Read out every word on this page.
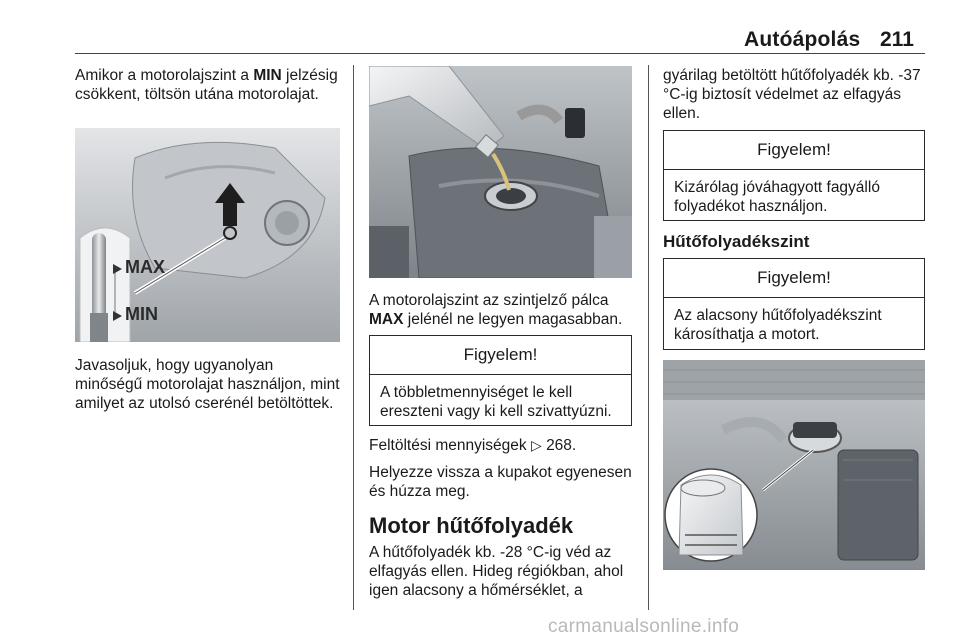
Autóápolás 211

Amikor a motorolajszint a MIN jelzésig csökkent, töltsön utána motorolajat.

MAX
MIN

Javasoljuk, hogy ugyanolyan minőségű motorolajat használjon, mint amilyet az utolsó cserénél betöltöttek.

A motorolajszint az szintjelző pálca MAX jelénél ne legyen magasabban.

Figyelem!
A többletmennyiséget le kell ereszteni vagy ki kell szivattyúzni.

Feltöltési mennyiségek ▷ 268.

Helyezze vissza a kupakot egyenesen és húzza meg.

Motor hűtőfolyadék

A hűtőfolyadék kb. -28 °C-ig véd az elfagyás ellen. Hideg régiókban, ahol igen alacsony a hőmérséklet, a

gyárilag betöltött hűtőfolyadék kb. -37 °C-ig biztosít védelmet az elfagyás ellen.

Figyelem!
Kizárólag jóváhagyott fagyálló folyadékot használjon.
Hűtőfolyadékszint
Figyelem!
Az alacsony hűtőfolyadékszint károsíthatja a motort.
carmanualsonline.info
